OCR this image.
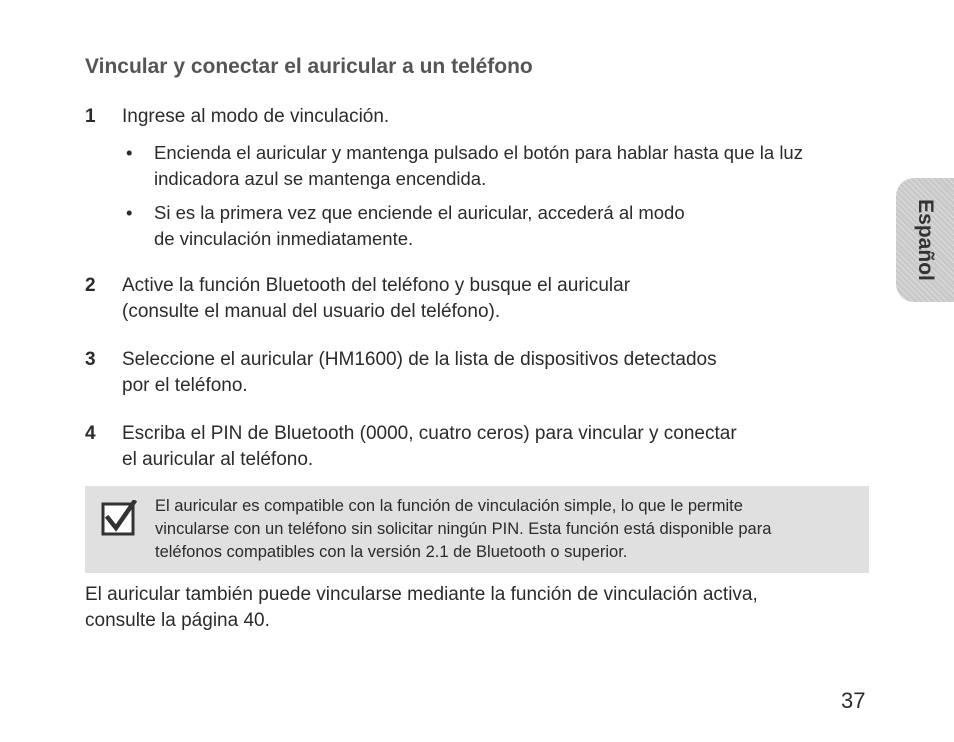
Vincular y conectar el auricular a un teléfono
1 Ingrese al modo de vinculación.
• Encienda el auricular y mantenga pulsado el botón para hablar hasta que la luz
indicadora azul se mantenga encendida.
• Si es la primera vez que enciende el auricular, accederá al modo
de vinculación inmediatamente.
2 Active la función Bluetooth del teléfono y busque el auricular
(consulte el manual del usuario del teléfono).
3 Seleccione el auricular (HM1600) de la lista de dispositivos detectados
por el teléfono.
4 Escriba el PIN de Bluetooth (0000, cuatro ceros) para vincular y conectar
el auricular al teléfono.
El auricular es compatible con la función de vinculación simple, lo que le permite
vincularse con un teléfono sin solicitar ningún PIN. Esta función está disponible para
teléfonos compatibles con la versión 2.1 de Bluetooth o superior.
El auricular también puede vincularse mediante la función de vinculación activa,
consulte la página 40.
Español
37
